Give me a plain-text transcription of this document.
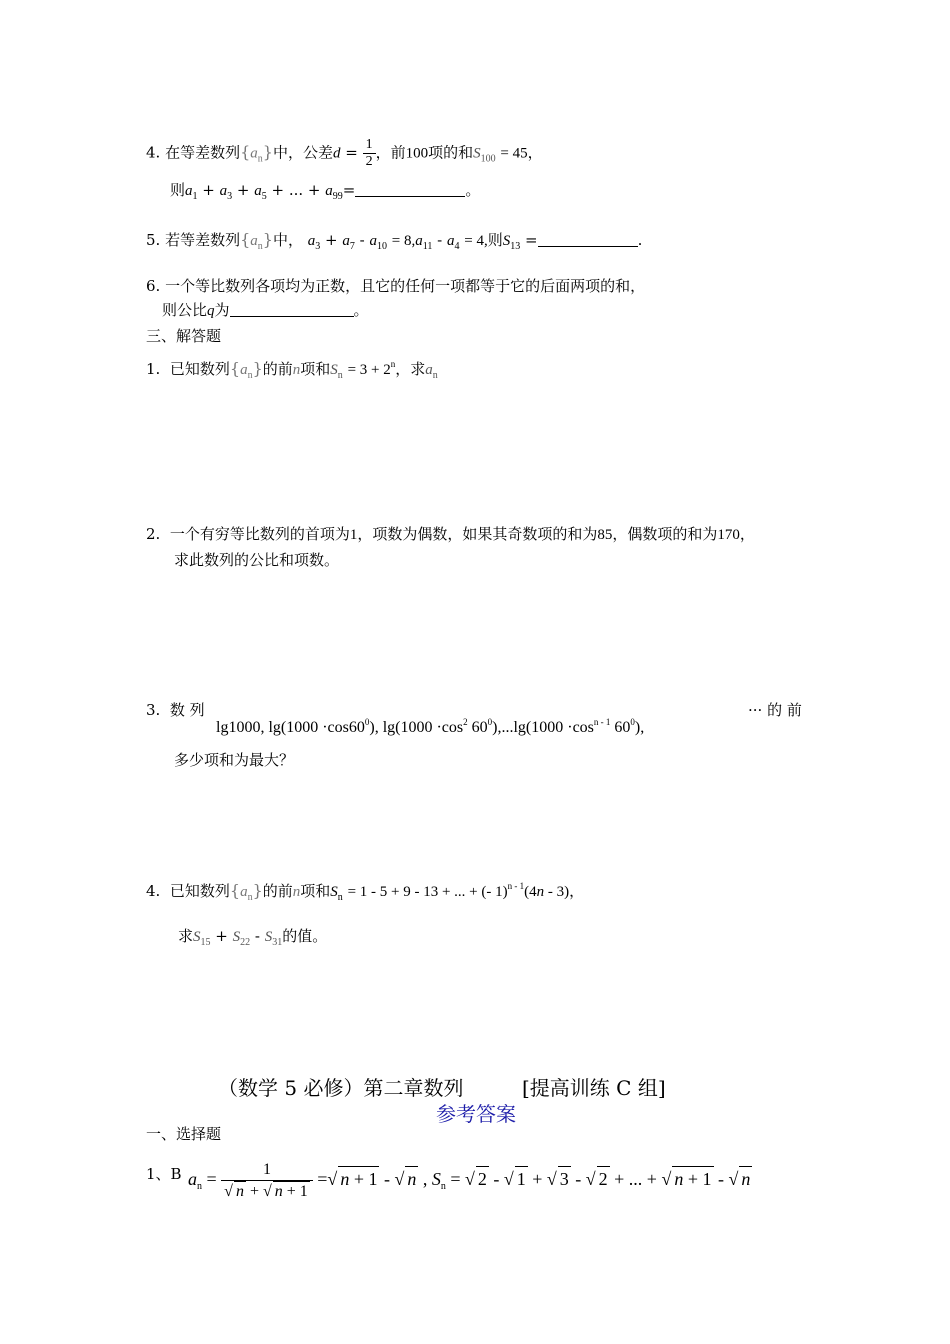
4. 在等差数列$\{a_n\}$中，公差$d = \frac{1}{2}$ ，前100项的和$S_{100} = 45$，
则$a_1 + a_3 + a_5$ + ... + $a_{99}=$	。
5. 若等差数列$\{a_n\}$中， $a_3 + a_7 - a_{10} = 8,a_{11} - a_4 = 4$,则$S_{13}$ =	.
6. 一个等比数列各项均为正数，且它的任何一项都等于它的后面两项的和，
则公比q为	。
三、解答题
1. 已知数列$\{a_n\}$的前n项和$S_n = 3 + 2^n$，求$a_n$
2. 一个有穷等比数列的首项为1，项数为偶数，如果其奇数项的和为85，偶数项的和为170，
求此数列的公比和项数。
3. 数 列
lg1000, $\lg(1000 \cdot\cos 60^0)$, $\lg(1000 \cdot\cos^2$ $60^0),...\lg(1000 \cdot\cos^{n - 1}$ $60^0$),
··· 的 前
多少项和为最大？
4. 已知数列$\{a_n\}$的前n项和$S_n = 1 - 5 + 9 - 13$ + ... + (- 1)$^{n - 1}$(4n - 3)，
求$S_{15} + S_{22} - S_{31}$的值。
（数学 5 必修）第二章数列	[提高训练 C 组]
参考答案
一、选择题
1、B $a_n = \frac{1}{√ n + √ n + 1}$ =√ n + 1 - √ n , $S_n$ = √ 2 - √ 1 + √ 3 - √ 2 + ... + √ n + 1 - √ n
